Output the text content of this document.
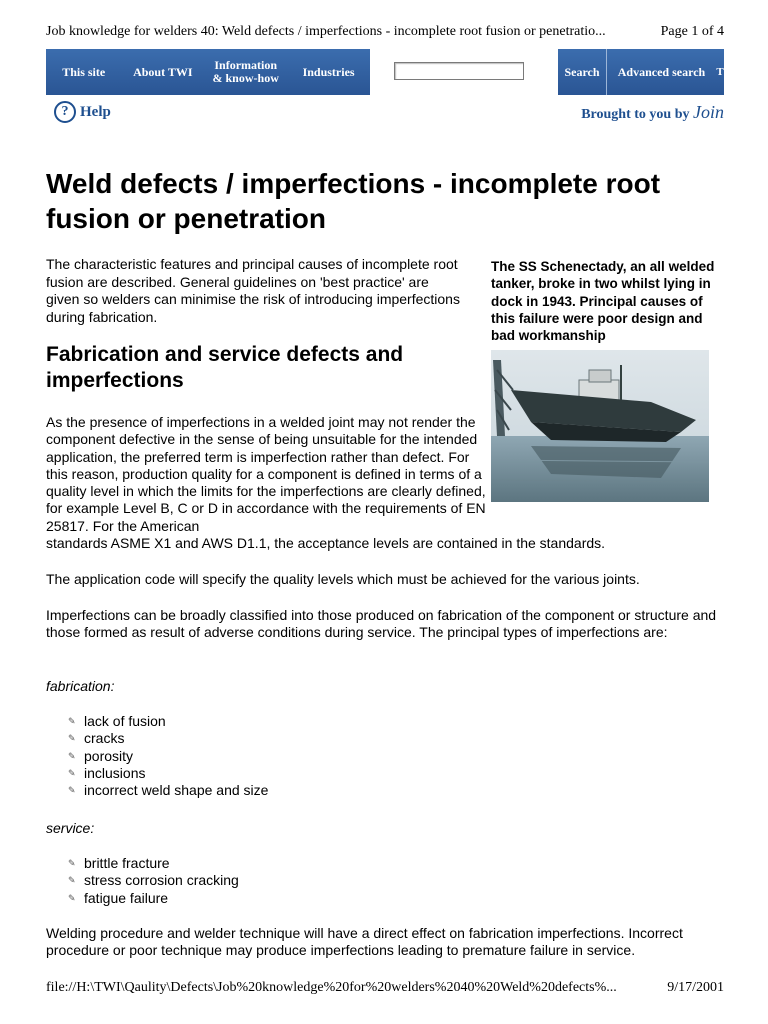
Job knowledge for welders 40: Weld defects / imperfections - incomplete root fusion or penetratio...	Page 1 of 4
This site	About TWI	Information & know-how	Industries	Search	Advanced search	T
? Help	Brought to you by Join
Weld defects / imperfections - incomplete root fusion or penetration

The characteristic features and principal causes of incomplete root fusion are described. General guidelines on 'best practice' are given so welders can minimise the risk of introducing imperfections during fabrication.

Fabrication and service defects and imperfections

The SS Schenectady, an all welded tanker, broke in two whilst lying in dock in 1943. Principal causes of this failure were poor design and bad workmanship

As the presence of imperfections in a welded joint may not render the component defective in the sense of being unsuitable for the intended application, the preferred term is imperfection rather than defect. For this reason, production quality for a component is defined in terms of a quality level in which the limits for the imperfections are clearly defined, for example Level B, C or D in accordance with the requirements of EN 25817. For the American
standards ASME X1 and AWS D1.1, the acceptance levels are contained in the standards.

The application code will specify the quality levels which must be achieved for the various joints.

Imperfections can be broadly classified into those produced on fabrication of the component or structure and those formed as result of adverse conditions during service. The principal types of imperfections are:

fabrication:

✎ lack of fusion
✎ cracks
✎ porosity
✎ inclusions
✎ incorrect weld shape and size

service:

✎ brittle fracture
✎ stress corrosion cracking
✎ fatigue failure

Welding procedure and welder technique will have a direct effect on fabrication imperfections. Incorrect procedure or poor technique may produce imperfections leading to premature failure in service.

file://H:\TWI\Qaulity\Defects\Job%20knowledge%20for%20welders%2040%20Weld%20defects%...	9/17/2001
